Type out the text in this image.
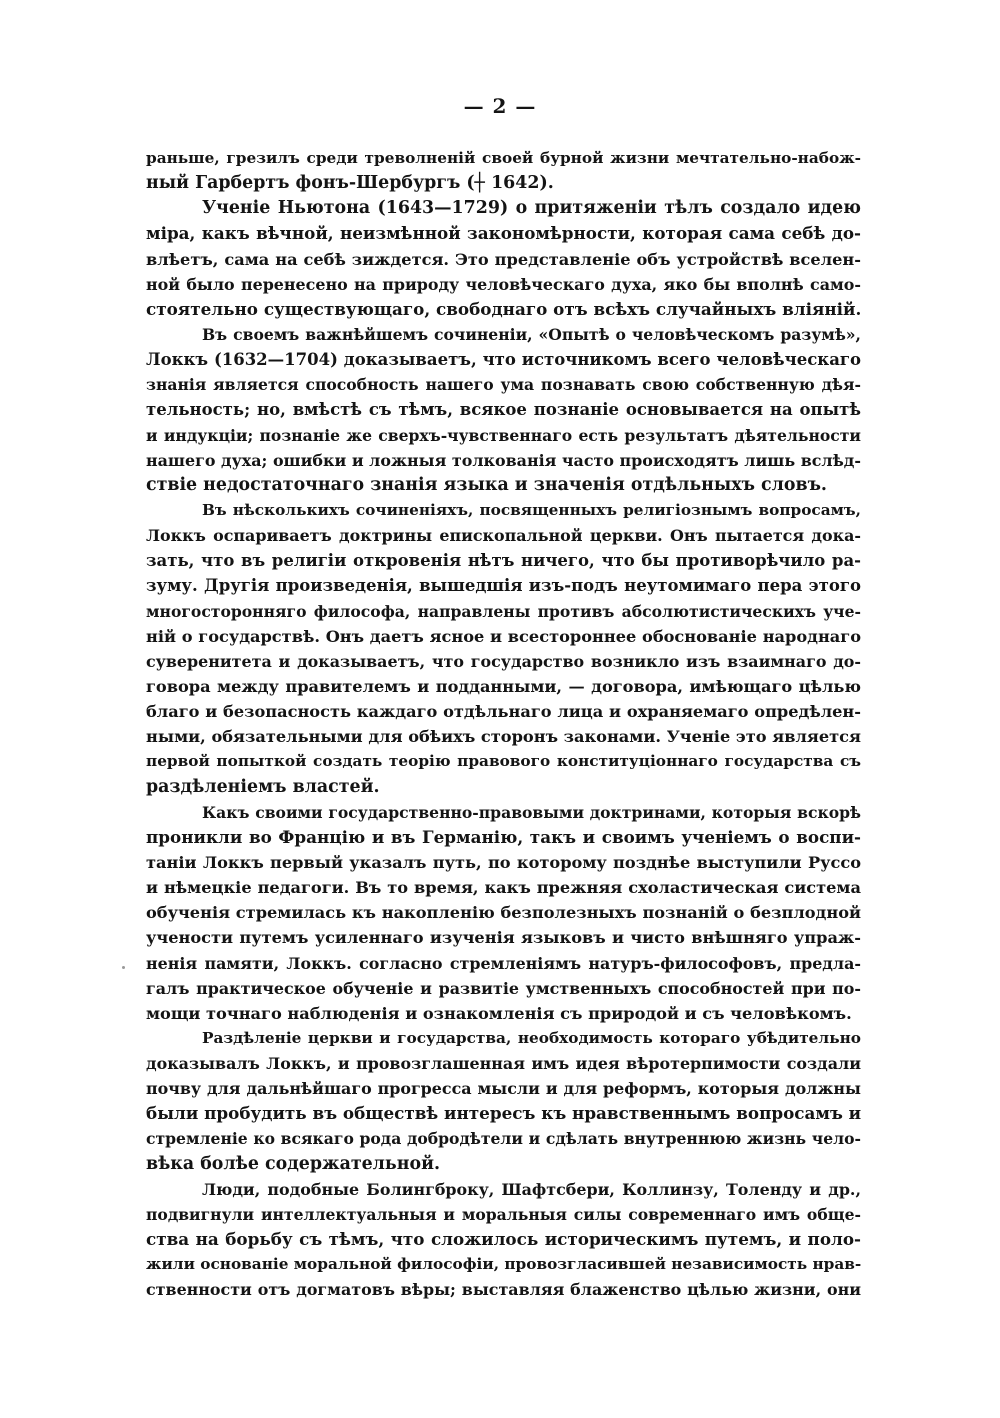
— 2 —
раньше, грезилъ среди треволненій своей бурной жизни мечтательно-набож-
ный Гарбертъ фонъ-Шербургъ (┼ 1642).
Ученіе Ньютона (1643—1729) о притяженіи тѣлъ создало идею
міра, какъ вѣчной, неизмѣнной закономѣрности, которая сама себѣ до-
влѣетъ, сама на себѣ зиждется. Это представленіе объ устройствѣ вселен-
ной было перенесено на природу человѣческаго духа, яко бы вполнѣ само-
стоятельно существующаго, свободнаго отъ всѣхъ случайныхъ вліяній.
Въ своемъ важнѣйшемъ сочиненіи, «Опытѣ о человѣческомъ разумѣ»,
Локкъ (1632—1704) доказываетъ, что источникомъ всего человѣческаго
знанія является способность нашего ума познавать свою собственную дѣя-
тельность; но, вмѣстѣ съ тѣмъ, всякое познаніе основывается на опытѣ
и индукціи; познаніе же сверхъ-чувственнаго есть результатъ дѣятельности
нашего духа; ошибки и ложныя толкованія часто происходятъ лишь вслѣд-
ствіе недостаточнаго знанія языка и значенія отдѣльныхъ словъ.
Въ нѣсколькихъ сочиненіяхъ, посвященныхъ религіознымъ вопросамъ,
Локкъ оспариваетъ доктрины епископальной церкви. Онъ пытается дока-
зать, что въ религіи откровенія нѣтъ ничего, что бы противорѣчило ра-
зуму. Другія произведенія, вышедшія изъ-подъ неутомимаго пера этого
многосторонняго философа, направлены противъ абсолютистическихъ уче-
ній о государствѣ. Онъ даетъ ясное и всестороннее обоснованіе народнаго
суверенитета и доказываетъ, что государство возникло изъ взаимнаго до-
говора между правителемъ и подданными, — договора, имѣющаго цѣлью
благо и безопасность каждаго отдѣльнаго лица и охраняемаго опредѣлен-
ными, обязательными для обѣихъ сторонъ законами. Ученіе это является
первой попыткой создать теорію правового конституціоннаго государства съ
раздѣленіемъ властей.
Какъ своими государственно-правовыми доктринами, которыя вскорѣ
проникли во Францію и въ Германію, такъ и своимъ ученіемъ о воспи-
таніи Локкъ первый указалъ путь, по которому позднѣе выступили Руссо
и нѣмецкіе педагоги. Въ то время, какъ прежняя схоластическая система
обученія стремилась къ накопленію безполезныхъ познаній о безплодной
учености путемъ усиленнаго изученія языковъ и чисто внѣшняго упраж-
ненія памяти, Локкъ. согласно стремленіямъ натуръ-философовъ, предла-
галъ практическое обученіе и развитіе умственныхъ способностей при по-
мощи точнаго наблюденія и ознакомленія съ природой и съ человѣкомъ.
Раздѣленіе церкви и государства, необходимость котораго убѣдительно
доказывалъ Локкъ, и провозглашенная имъ идея вѣротерпимости создали
почву для дальнѣйшаго прогресса мысли и для реформъ, которыя должны
были пробудить въ обществѣ интересъ къ нравственнымъ вопросамъ и
стремленіе ко всякаго рода добродѣтели и сдѣлать внутреннюю жизнь чело-
вѣка болѣе содержательной.
Люди, подобные Болингброку, Шафтсбери, Коллинзу, Толенду и др.,
подвигнули интеллектуальныя и моральныя силы современнаго имъ обще-
ства на борьбу съ тѣмъ, что сложилось историческимъ путемъ, и поло-
жили основаніе моральной философіи, провозгласившей независимость нрав-
ственности отъ догматовъ вѣры; выставляя блаженство цѣлью жизни, они
